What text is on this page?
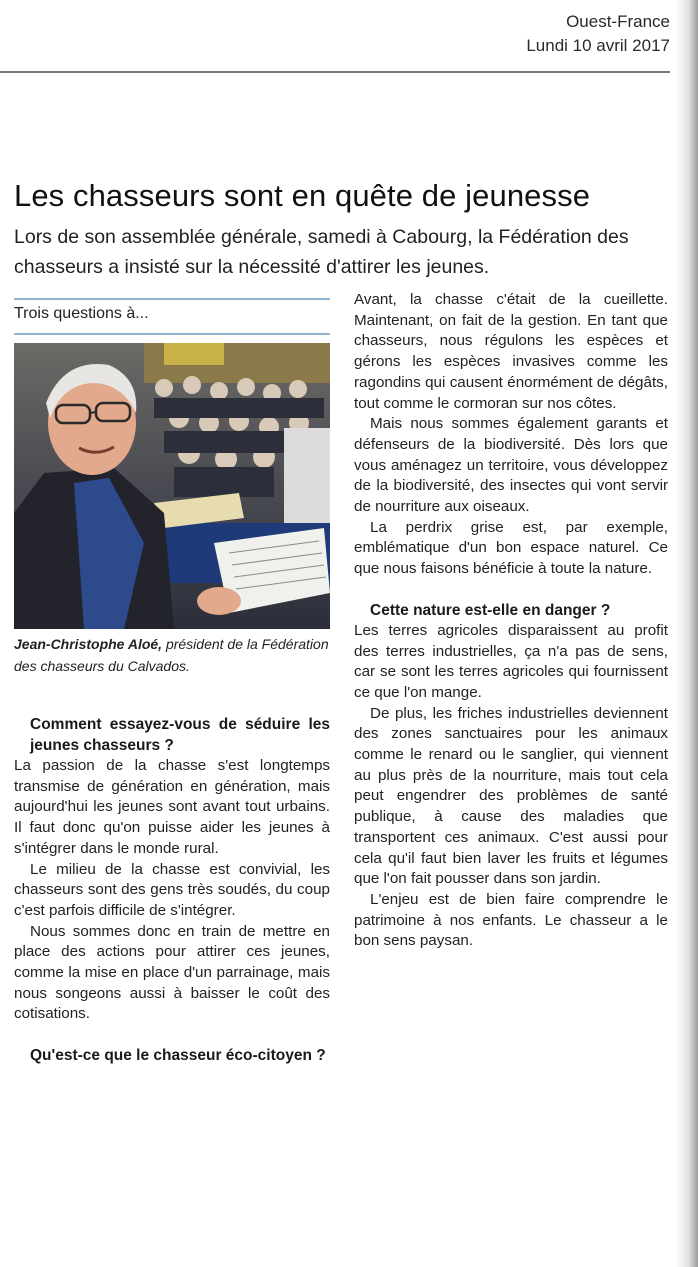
Ouest-France
Lundi 10 avril 2017
Les chasseurs sont en quête de jeunesse

Lors de son assemblée générale, samedi à Cabourg, la Fédération des chasseurs a insisté sur la nécessité d'attirer les jeunes.

Trois questions à...
Jean-Christophe Aloé, président de la Fédération des chasseurs du Calvados.
Comment essayez-vous de séduire les jeunes chasseurs ?

La passion de la chasse s'est longtemps transmise de génération en génération, mais aujourd'hui les jeunes sont avant tout urbains. Il faut donc qu'on puisse aider les jeunes à s'intégrer dans le monde rural.

Le milieu de la chasse est convivial, les chasseurs sont des gens très soudés, du coup c'est parfois difficile de s'intégrer.

Nous sommes donc en train de mettre en place des actions pour attirer ces jeunes, comme la mise en place d'un parrainage, mais nous songeons aussi à baisser le coût des cotisations.

Qu'est-ce que le chasseur éco-citoyen ?

Avant, la chasse c'était de la cueillette. Maintenant, on fait de la gestion. En tant que chasseurs, nous régulons les espèces et gérons les espèces invasives comme les ragondins qui causent énormément de dégâts, tout comme le cormoran sur nos côtes.

Mais nous sommes également garants et défenseurs de la biodiversité. Dès lors que vous aménagez un territoire, vous développez de la biodiversité, des insectes qui vont servir de nourriture aux oiseaux.

La perdrix grise est, par exemple, emblématique d'un bon espace naturel. Ce que nous faisons bénéficie à toute la nature.

Cette nature est-elle en danger ?

Les terres agricoles disparaissent au profit des terres industrielles, ça n'a pas de sens, car se sont les terres agricoles qui fournissent ce que l'on mange.

De plus, les friches industrielles deviennent des zones sanctuaires pour les animaux comme le renard ou le sanglier, qui viennent au plus près de la nourriture, mais tout cela peut engendrer des problèmes de santé publique, à cause des maladies que transportent ces animaux. C'est aussi pour cela qu'il faut bien laver les fruits et légumes que l'on fait pousser dans son jardin.

L'enjeu est de bien faire comprendre le patrimoine à nos enfants. Le chasseur a le bon sens paysan.
